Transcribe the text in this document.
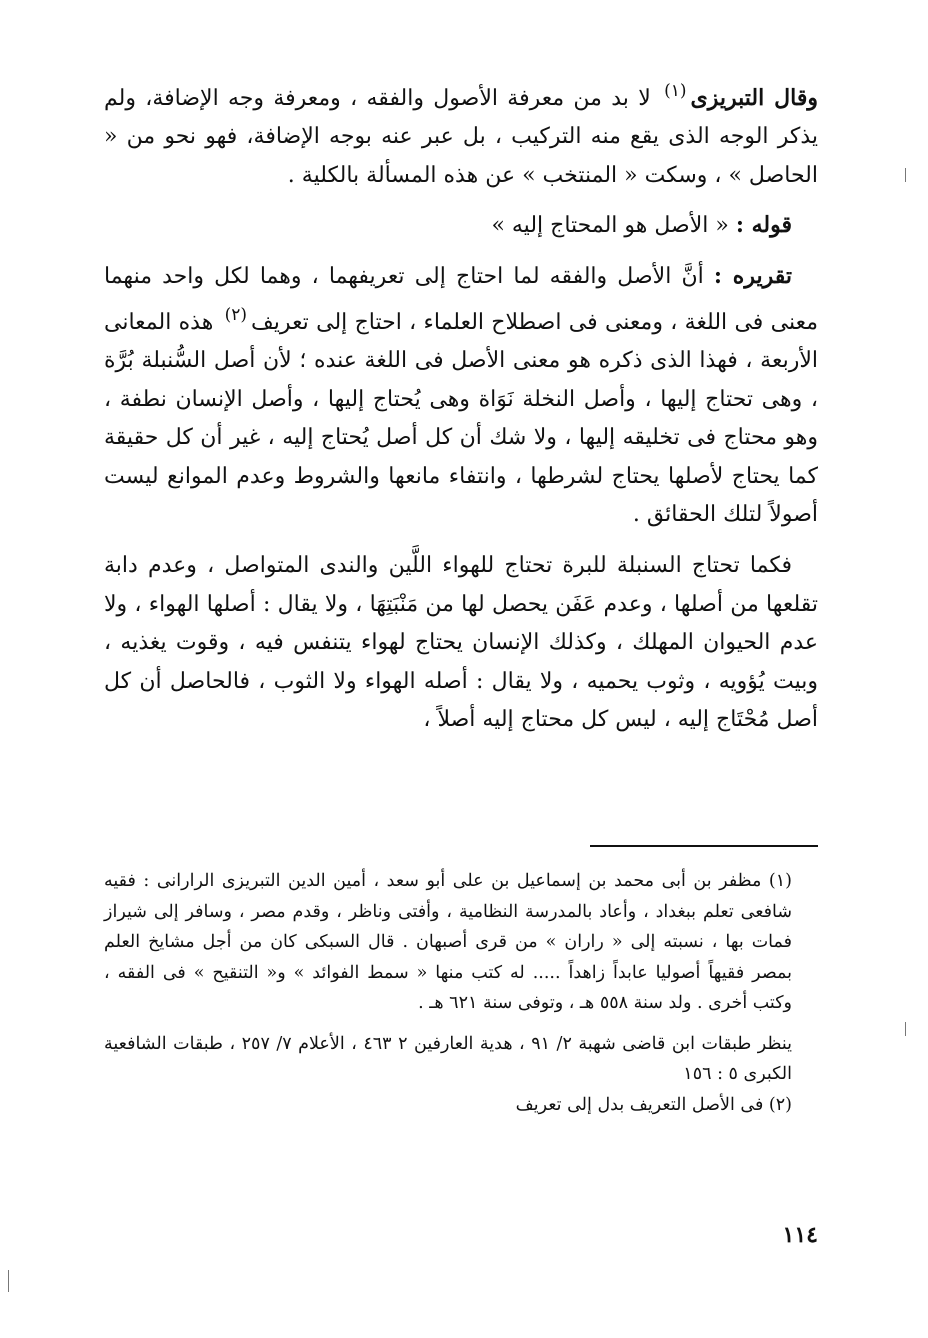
وقال التبريزى$^{(١)}$ لا بد من معرفة الأصول والفقه ، ومعرفة وجه الإضافة، ولم يذكر الوجه الذى يقع منه التركيب ، بل عبر عنه بوجه الإضافة، فهو نحو من « الحاصل » ، وسكت « المنتخب » عن هذه المسألة بالكلية .

قوله : « الأصل هو المحتاج إليه »

تقريره : أنَّ الأصل والفقه لما احتاج إلى تعريفهما ، وهما لكل واحد منهما معنى فى اللغة ، ومعنى فى اصطلاح العلماء ، احتاج إلى تعريف$^{(٢)}$ هذه المعانى الأربعة ، فهذا الذى ذكره هو معنى الأصل فى اللغة عنده ؛ لأن أصل السُّنبلة بُرَّة ، وهى تحتاج إليها ، وأصل النخلة نَوَاة وهى يُحتاج إليها ، وأصل الإنسان نطفة ، وهو محتاج فى تخليقه إليها ، ولا شك أن كل أصل يُحتاج إليه ، غير أن كل حقيقة كما يحتاج لأصلها يحتاج لشرطها ، وانتفاء مانعها والشروط وعدم الموانع ليست أصولاً لتلك الحقائق .

فكما تحتاج السنبلة للبرة تحتاج للهواء اللَّين والندى المتواصل ، وعدم دابة تقلعها من أصلها ، وعدم عَفَن يحصل لها من مَنْبَتِهَا ، ولا يقال : أصلها الهواء ، ولا عدم الحيوان المهلك ، وكذلك الإنسان يحتاج لهواء يتنفس فيه ، وقوت يغذيه ، وبيت يُؤويه ، وثوب يحميه ، ولا يقال : أصله الهواء ولا الثوب ، فالحاصل أن كل أصل مُحْتَاج إليه ، ليس كل محتاج إليه أصلاً ،

(١) مظفر بن أبى محمد بن إسماعيل بن على أبو سعد ، أمين الدين التبريزى الرارانى : فقيه شافعى تعلم ببغداد ، وأعاد بالمدرسة النظامية ، وأفتى وناظر ، وقدم مصر ، وسافر إلى شيراز فمات بها ، نسبته إلى « راران » من قرى أصبهان . قال السبكى كان من أجل مشايخ العلم بمصر فقيهاً أصوليا عابداً زاهداً ..... له كتب منها « سمط الفوائد » و« التنقيح » فى الفقه ، وكتب أخرى . ولد سنة ٥٥٨ هـ ، وتوفى سنة ٦٢١ هـ .

ينظر طبقات ابن قاضى شهبة ٢/ ٩١ ، هدية العارفين ٢ ٤٦٣ ، الأعلام ٧/ ٢٥٧ ، طبقات الشافعية الكبرى ٥ : ١٥٦

(٢) فى الأصل التعريف بدل إلى تعريف

١١٤
